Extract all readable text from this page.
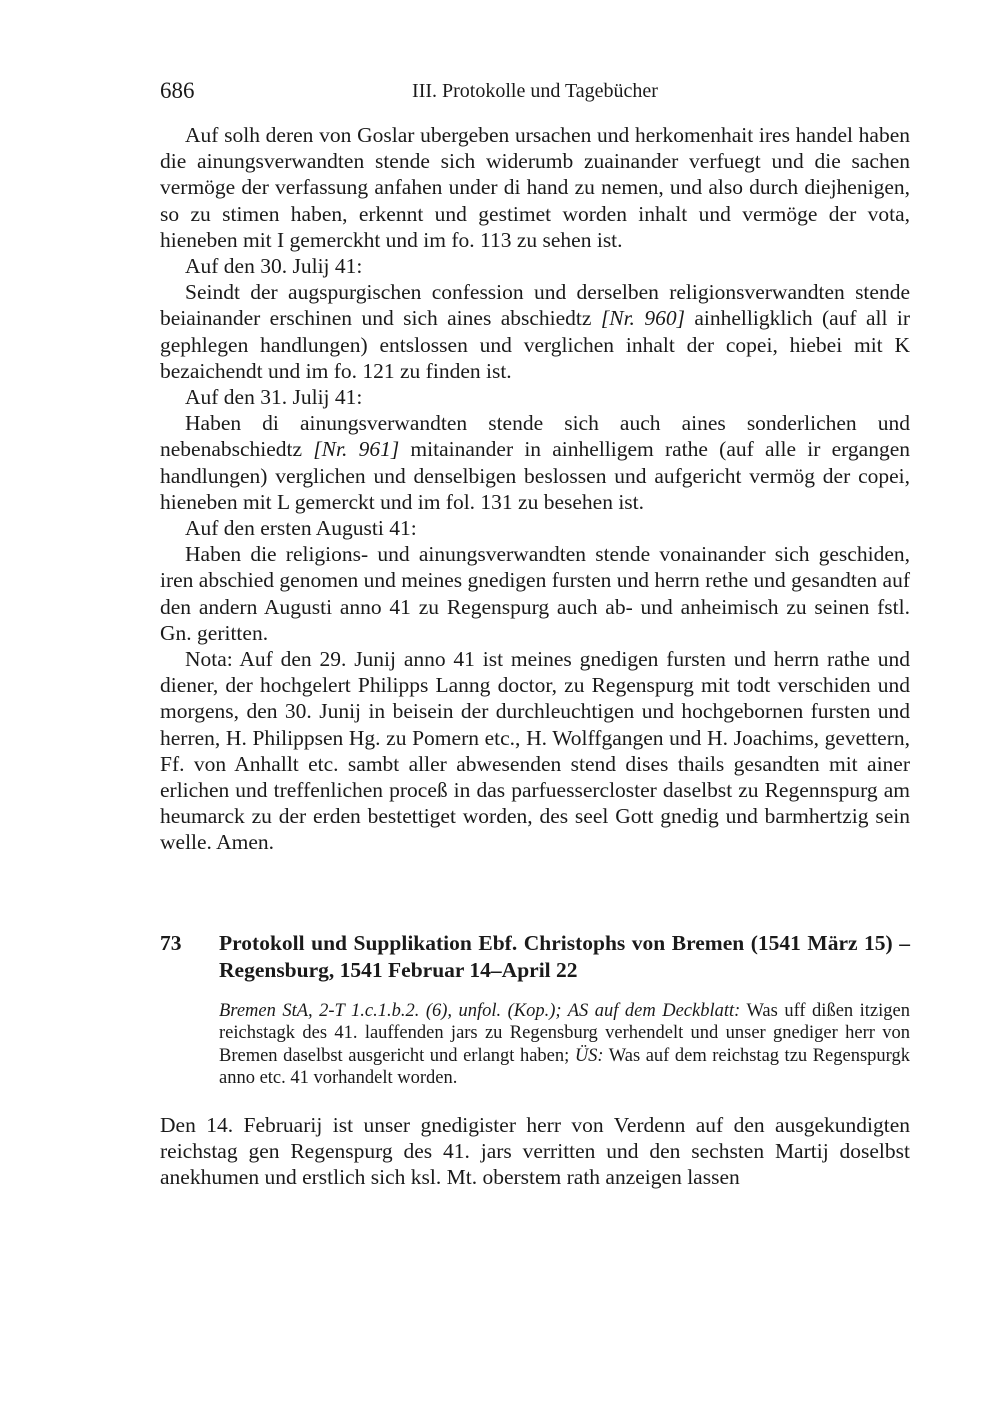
686	III. Protokolle und Tagebücher

Auf solh deren von Goslar ubergeben ursachen und herkomenhait ires handel haben die ainungsverwandten stende sich widerumb zuainander verfuegt und die sachen vermöge der verfassung anfahen under di hand zu nemen, und also durch diejhenigen, so zu stimen haben, erkennt und gestimet worden inhalt und vermöge der vota, hieneben mit I gemerckht und im fo. 113 zu sehen ist.

Auf den 30. Julij 41:

Seindt der augspurgischen confession und derselben religionsverwandten stende beiainander erschinen und sich aines abschiedtz [Nr. 960] ainhelligklich (auf all ir gephlegen handlungen) entslossen und verglichen inhalt der copei, hiebei mit K bezaichendt und im fo. 121 zu finden ist.

Auf den 31. Julij 41:

Haben di ainungsverwandten stende sich auch aines sonderlichen und nebenabschiedtz [Nr. 961] mitainander in ainhelligem rathe (auf alle ir ergangen handlungen) verglichen und denselbigen beslossen und aufgericht vermög der copei, hieneben mit L gemerckt und im fol. 131 zu besehen ist.

Auf den ersten Augusti 41:

Haben die religions- und ainungsverwandten stende vonainander sich geschiden, iren abschied genomen und meines gnedigen fursten und herrn rethe und gesandten auf den andern Augusti anno 41 zu Regenspurg auch ab- und anheimisch zu seinen fstl. Gn. geritten.

Nota: Auf den 29. Junij anno 41 ist meines gnedigen fursten und herrn rathe und diener, der hochgelert Philipps Lanng doctor, zu Regenspurg mit todt verschiden und morgens, den 30. Junij in beisein der durchleuchtigen und hochgebornen fursten und herren, H. Philippsen Hg. zu Pomern etc., H. Wolffgangen und H. Joachims, gevettern, Ff. von Anhallt etc. sambt aller abwesenden stend dises thails gesandten mit ainer erlichen und treffenlichen proceß in das parfuessercloster daselbst zu Regennspurg am heumarck zu der erden bestettiget worden, des seel Gott gnedig und barmhertzig sein welle. Amen.

73 Protokoll und Supplikation Ebf. Christophs von Bremen (1541 März 15) – Regensburg, 1541 Februar 14–April 22

Bremen StA, 2-T 1.c.1.b.2. (6), unfol. (Kop.); AS auf dem Deckblatt: Was uff dißen itzigen reichstagk des 41. lauffenden jars zu Regensburg verhendelt und unser gnediger herr von Bremen daselbst ausgericht und erlangt haben; ÜS: Was auf dem reichstag tzu Regenspurgk anno etc. 41 vorhandelt worden.

Den 14. Februarij ist unser gnedigister herr von Verdenn auf den ausgekundigten reichstag gen Regenspurg des 41. jars verritten und den sechsten Martij doselbst anekhumen und erstlich sich ksl. Mt. oberstem rath anzeigen lassen
